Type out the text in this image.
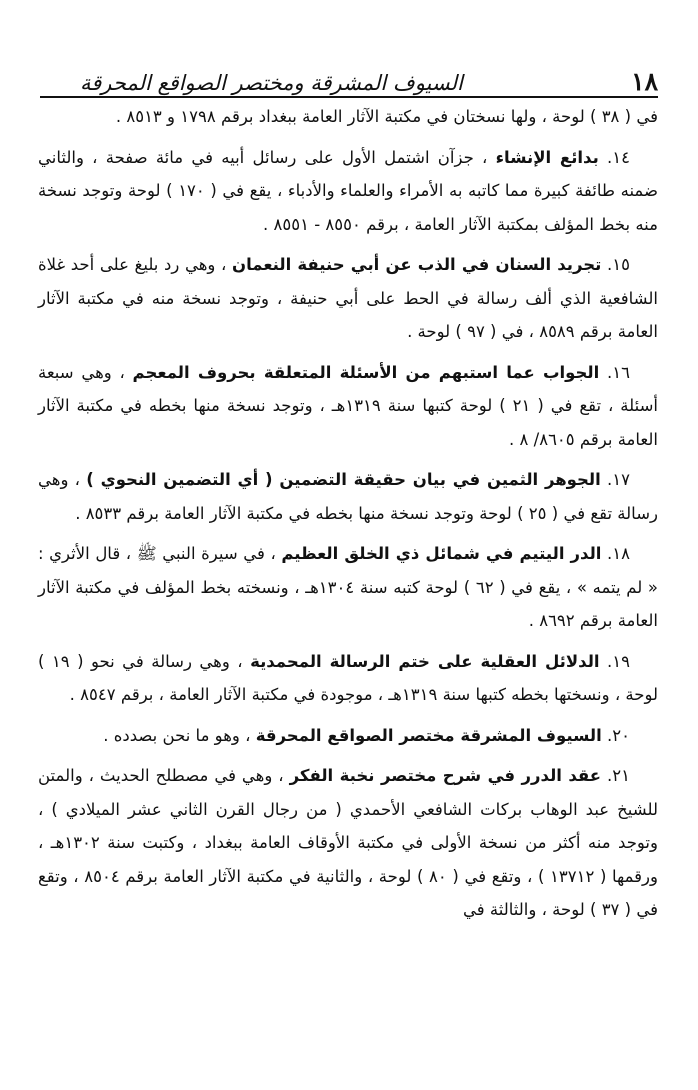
السيوف المشرقة ومختصر الصواقع المحرقة	١٨

في ( ٣٨ ) لوحة ، ولها نسختان في مكتبة الآثار العامة ببغداد برقم ١٧٩٨ و ٨٥١٣ .

١٤. بدائع الإنشاء ، جزآن اشتمل الأول على رسائل أبيه في مائة صفحة ، والثاني ضمنه طائفة كبيرة مما كاتبه به الأمراء والعلماء والأدباء ، يقع في ( ١٧٠ ) لوحة وتوجد نسخة منه بخط المؤلف بمكتبة الآثار العامة ، برقم ٨٥٥٠ - ٨٥٥١ .

١٥. تجريد السنان في الذب عن أبي حنيفة النعمان ، وهي رد بليغ على أحد غلاة الشافعية الذي ألف رسالة في الحط على أبي حنيفة ، وتوجد نسخة منه في مكتبة الآثار العامة برقم ٨٥٨٩ ، في ( ٩٧ ) لوحة .

١٦. الجواب عما استبهم من الأسئلة المتعلقة بحروف المعجم ، وهي سبعة أسئلة ، تقع في ( ٢١ ) لوحة كتبها سنة ١٣١٩هـ ، وتوجد نسخة منها بخطه في مكتبة الآثار العامة برقم ٨٦٠٥/ ٨ .

١٧. الجوهر الثمين في بيان حقيقة التضمين ( أي التضمين النحوي ) ، وهي رسالة تقع في ( ٢٥ ) لوحة وتوجد نسخة منها بخطه في مكتبة الآثار العامة برقم ٨٥٣٣ .

١٨. الدر اليتيم في شمائل ذي الخلق العظيم ، في سيرة النبي ﷺ ، قال الأثري : « لم يتمه » ، يقع في ( ٦٢ ) لوحة كتبه سنة ١٣٠٤هـ ، ونسخته بخط المؤلف في مكتبة الآثار العامة برقم ٨٦٩٢ .

١٩. الدلائل العقلية على ختم الرسالة المحمدية ، وهي رسالة في نحو ( ١٩ ) لوحة ، ونسختها بخطه كتبها سنة ١٣١٩هـ ، موجودة في مكتبة الآثار العامة ، برقم ٨٥٤٧ .

٢٠. السيوف المشرقة مختصر الصواقع المحرقة ، وهو ما نحن بصدده .

٢١. عقد الدرر في شرح مختصر نخبة الفكر ، وهي في مصطلح الحديث ، والمتن للشيخ عبد الوهاب بركات الشافعي الأحمدي ( من رجال القرن الثاني عشر الميلادي ) ، وتوجد منه أكثر من نسخة الأولى في مكتبة الأوقاف العامة ببغداد ، وكتبت سنة ١٣٠٢هـ ، ورقمها ( ١٣٧١٢ ) ، وتقع في ( ٨٠ ) لوحة ، والثانية في مكتبة الآثار العامة برقم ٨٥٠٤ ، وتقع في ( ٣٧ ) لوحة ، والثالثة في
